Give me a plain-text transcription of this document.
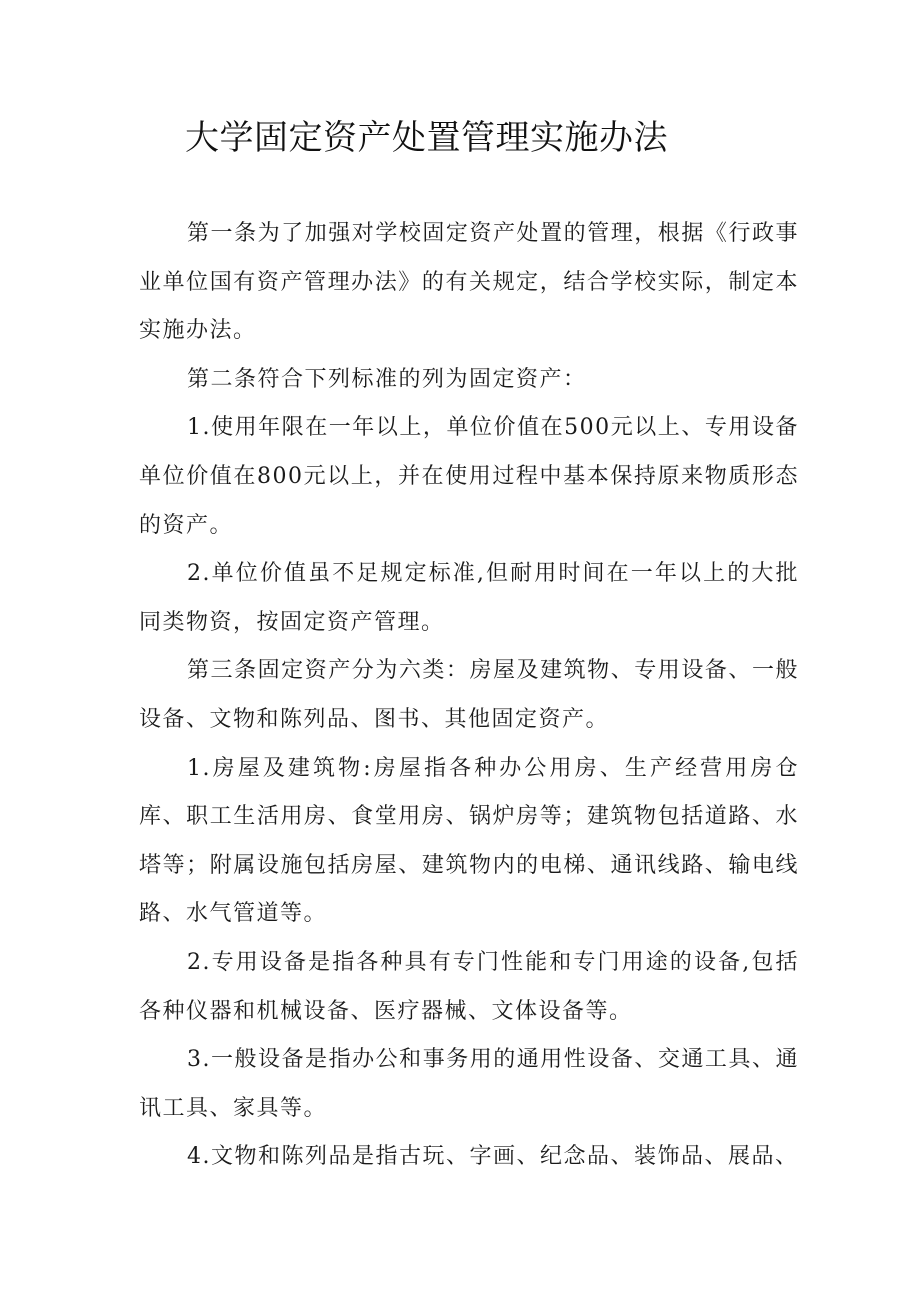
大学固定资产处置管理实施办法

第一条为了加强对学校固定资产处置的管理，根据《行政事业单位国有资产管理办法》的有关规定，结合学校实际，制定本实施办法。

第二条符合下列标准的列为固定资产：

1.使用年限在一年以上，单位价值在500元以上、专用设备单位价值在800元以上，并在使用过程中基本保持原来物质形态的资产。

2.单位价值虽不足规定标准,但耐用时间在一年以上的大批同类物资，按固定资产管理。

第三条固定资产分为六类：房屋及建筑物、专用设备、一般设备、文物和陈列品、图书、其他固定资产。

1.房屋及建筑物:房屋指各种办公用房、生产经营用房仓库、职工生活用房、食堂用房、锅炉房等；建筑物包括道路、水塔等；附属设施包括房屋、建筑物内的电梯、通讯线路、输电线路、水气管道等。

2.专用设备是指各种具有专门性能和专门用途的设备,包括各种仪器和机械设备、医疗器械、文体设备等。

3.一般设备是指办公和事务用的通用性设备、交通工具、通讯工具、家具等。

4.文物和陈列品是指古玩、字画、纪念品、装饰品、展品、
